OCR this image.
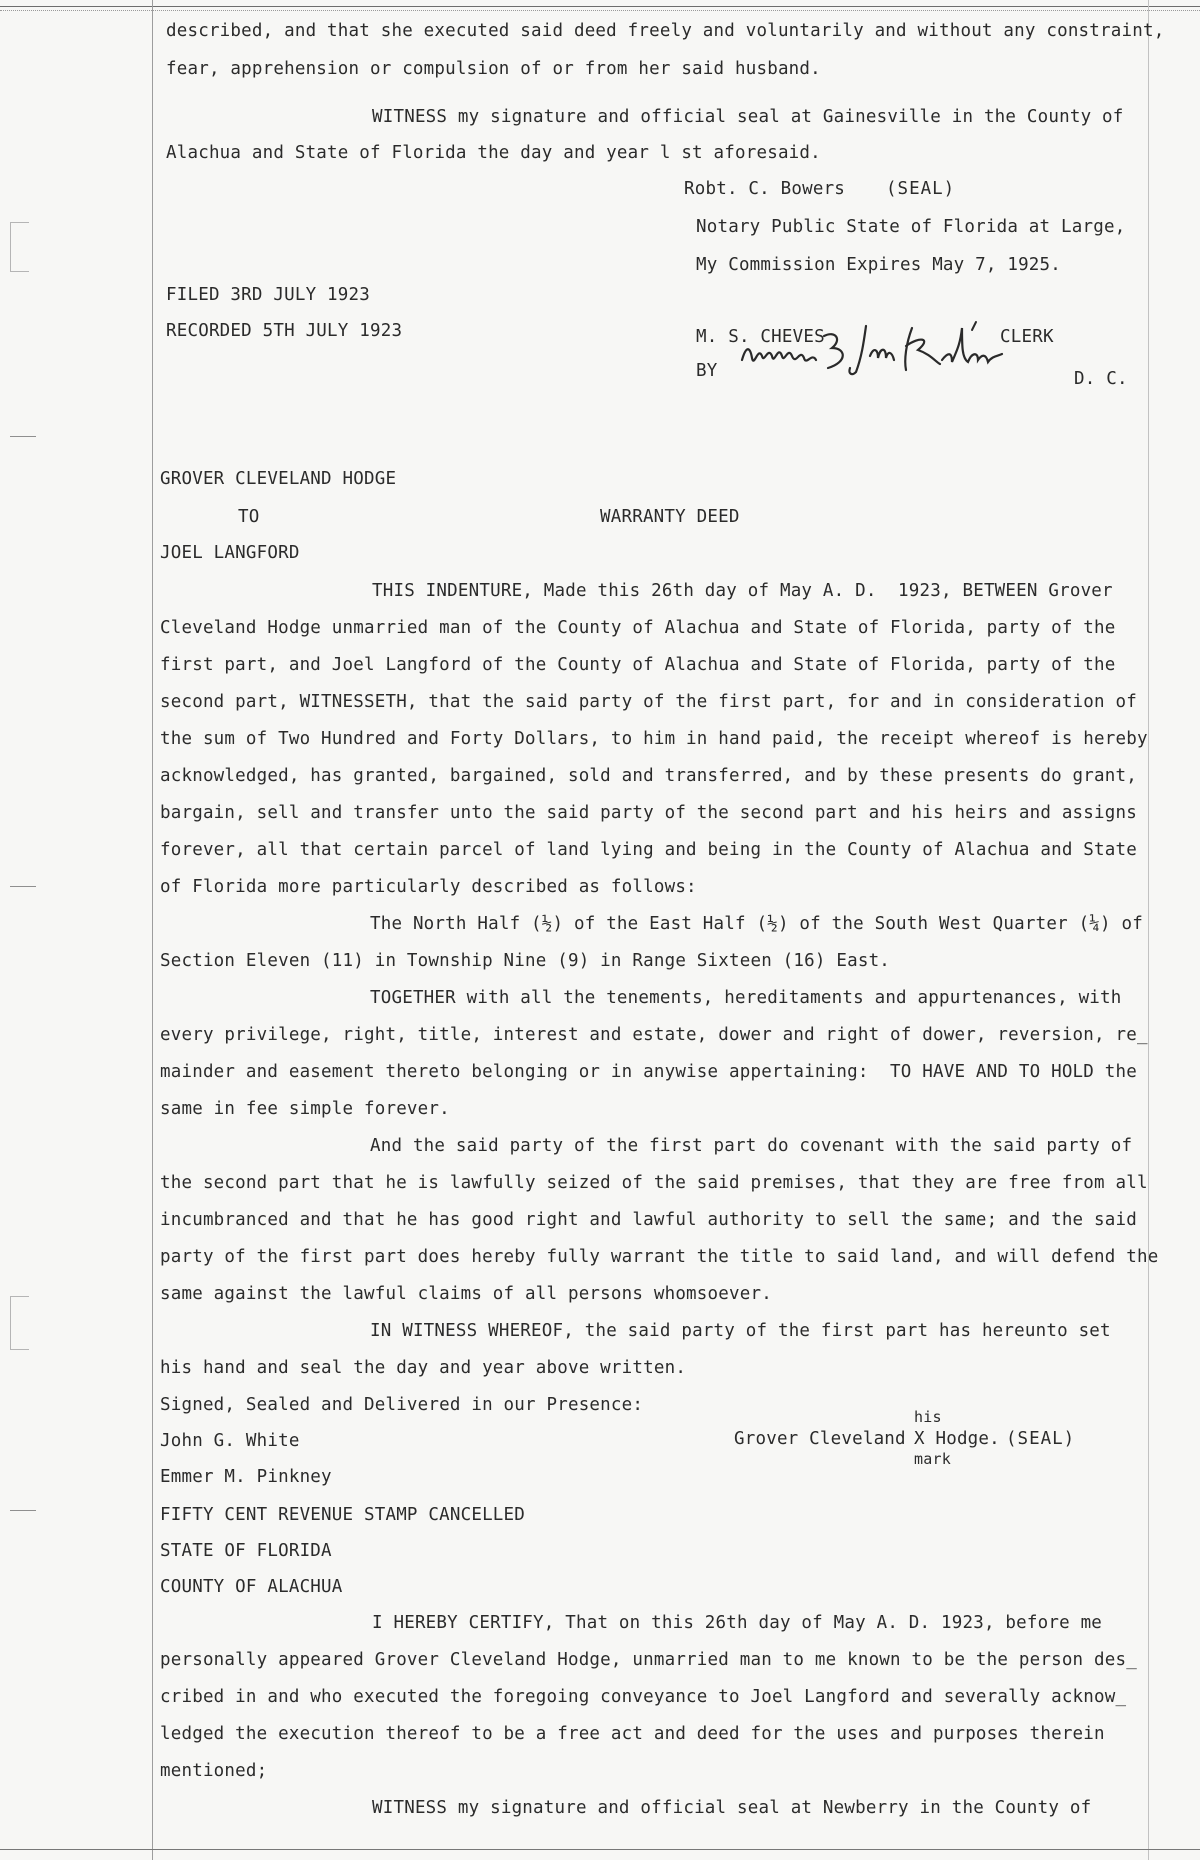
described, and that she executed said deed freely and voluntarily and without any constraint,
fear, apprehension or compulsion of or from her said husband.
WITNESS my signature and official seal at Gainesville in the County of
Alachua and State of Florida the day and year l st aforesaid.
Robt. C. Bowers (SEAL)
Notary Public State of Florida at Large,
My Commission Expires May 7, 1925.
FILED 3RD JULY 1923
RECORDED 5TH JULY 1923	M. S. CHEVES	CLERK
BY	D. C.
GROVER CLEVELAND HODGE
TO	WARRANTY DEED
JOEL LANGFORD
THIS INDENTURE, Made this 26th day of May A. D.  1923, BETWEEN Grover
Cleveland Hodge unmarried man of the County of Alachua and State of Florida, party of the
first part, and Joel Langford of the County of Alachua and State of Florida, party of the
second part, WITNESSETH, that the said party of the first part, for and in consideration of
the sum of Two Hundred and Forty Dollars, to him in hand paid, the receipt whereof is hereby
acknowledged, has granted, bargained, sold and transferred, and by these presents do grant,
bargain, sell and transfer unto the said party of the second part and his heirs and assigns
forever, all that certain parcel of land lying and being in the County of Alachua and State
of Florida more particularly described as follows:
The North Half (½) of the East Half (½) of the South West Quarter (¼) of
Section Eleven (11) in Township Nine (9) in Range Sixteen (16) East.
TOGETHER with all the tenements, hereditaments and appurtenances, with
every privilege, right, title, interest and estate, dower and right of dower, reversion, re_
mainder and easement thereto belonging or in anywise appertaining:  TO HAVE AND TO HOLD the
same in fee simple forever.
And the said party of the first part do covenant with the said party of
the second part that he is lawfully seized of the said premises, that they are free from all
incumbranced and that he has good right and lawful authority to sell the same; and the said
party of the first part does hereby fully warrant the title to said land, and will defend the
same against the lawful claims of all persons whomsoever.
IN WITNESS WHEREOF, the said party of the first part has hereunto set
his hand and seal the day and year above written.
Signed, Sealed and Delivered in our Presence:
John G. White
Emmer M. Pinkney
his
Grover Cleveland X Hodge. (SEAL)
mark
FIFTY CENT REVENUE STAMP CANCELLED
STATE OF FLORIDA
COUNTY OF ALACHUA
I HEREBY CERTIFY, That on this 26th day of May A. D. 1923, before me
personally appeared Grover Cleveland Hodge, unmarried man to me known to be the person des_
cribed in and who executed the foregoing conveyance to Joel Langford and severally acknow_
ledged the execution thereof to be a free act and deed for the uses and purposes therein
mentioned;
WITNESS my signature and official seal at Newberry in the County of
